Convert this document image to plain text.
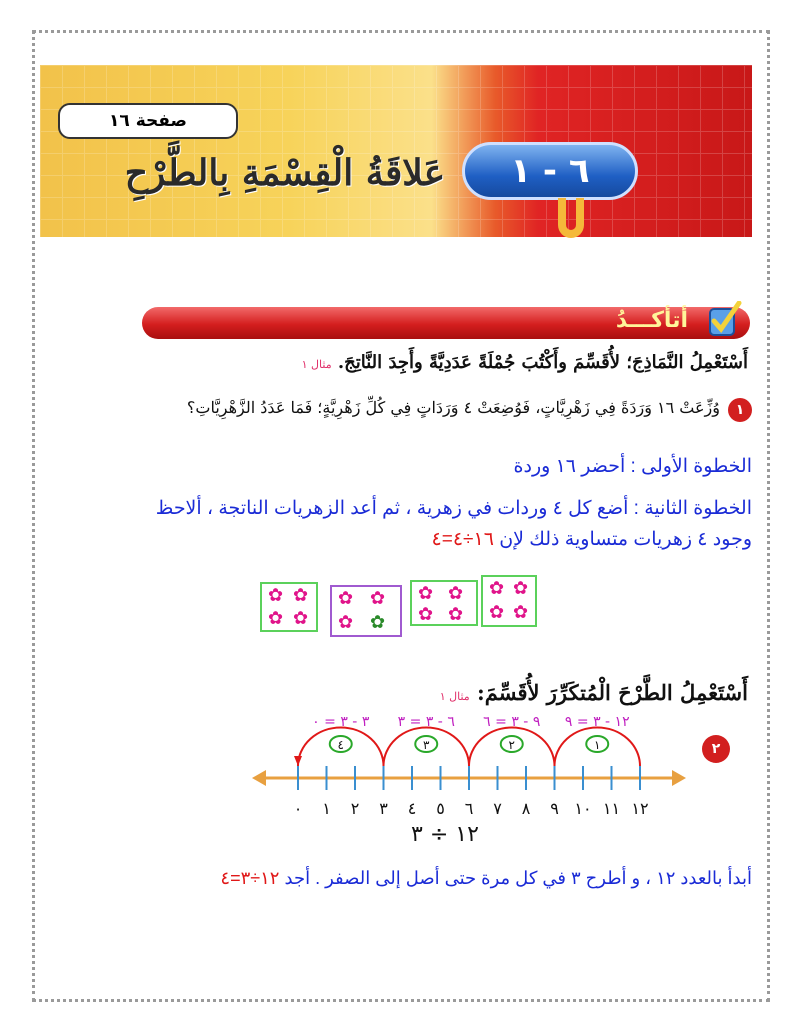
صفحة ١٦
عَلاقَةُ الْقِسْمَةِ بِالطَّرْحِ ٦ - ١
أتأكـــدُ
أَسْتَعْمِلُ النَّمَاذِجَ؛ لأُقَسِّمَ وأَكْتُبَ جُمْلَةً عَدَدِيَّةً وأَجِدَ النَّاتِجَ. مثال ١
١
وُزِّعَتْ ١٦ وَرَدَةً فِي زَهْرِيَّاتٍ، فَوُضِعَتْ ٤ وَرَدَاتٍ فِي كُلِّ زَهْرِيَّةٍ؛ فَمَا عَدَدُ الزَّهْرِيَّاتِ؟
الخطوة الأولى : أحضر ١٦ وردة
الخطوة الثانية : أضع كل ٤ وردات في زهرية ، ثم أعد الزهريات الناتجة ، ألاحظ
وجود ٤ زهريات متساوية ذلك لإن ١٦÷٤=٤
✿ ✿
✿ ✿
✿ ✿
✿ ✿
✿ ✿
✿ ✿
✿ ✿
✿ ✿
أَسْتَعْمِلُ الطَّرْحَ الْمُتكَرِّرَ لأُقَسِّمَ: مثال ١
٢
٠ ١ ٢ ٣ ٤ ٥ ٦ ٧ ٨ ٩ ١٠ ١١ ١٢
١
١٢ - ٣ = ٩
٢
٩ - ٣ = ٦
٣
٦ - ٣ = ٣
٤
٣ - ٣ = ٠
١٢ ÷ ٣
أبدأ بالعدد ١٢ ، و أطرح ٣ في كل مرة حتى أصل إلى الصفر . أجد ١٢÷٣=٤
